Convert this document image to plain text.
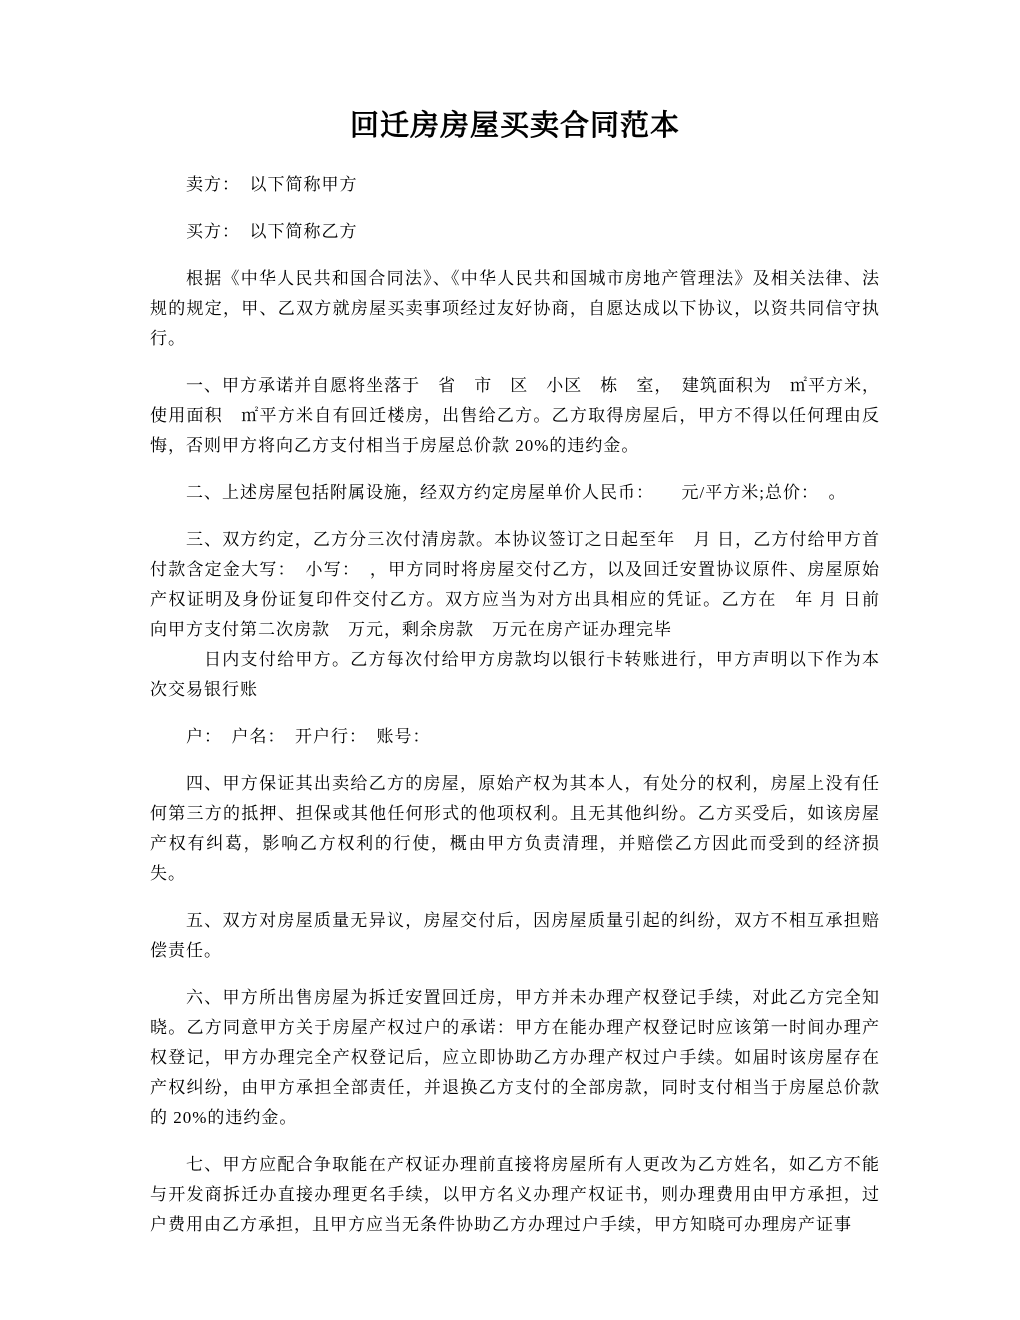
回迁房房屋买卖合同范本

卖方：　以下简称甲方

买方：　以下简称乙方

根据《中华人民共和国合同法》、《中华人民共和国城市房地产管理法》及相关法律、法规的规定，甲、乙双方就房屋买卖事项经过友好协商，自愿达成以下协议，以资共同信守执行。

一、甲方承诺并自愿将坐落于　省　市　区　小区　栋　室，　建筑面积为　㎡平方米，使用面积　㎡平方米自有回迁楼房，出售给乙方。乙方取得房屋后，甲方不得以任何理由反悔，否则甲方将向乙方支付相当于房屋总价款 20%的违约金。

二、上述房屋包括附属设施，经双方约定房屋单价人民币：　　元/平方米;总价：　。

三、双方约定，乙方分三次付清房款。本协议签订之日起至年　月 日，乙方付给甲方首付款含定金大写：　小写：　，甲方同时将房屋交付乙方，以及回迁安置协议原件、房屋原始产权证明及身份证复印件交付乙方。双方应当为对方出具相应的凭证。乙方在　年 月 日前向甲方支付第二次房款　万元，剩余房款　万元在房产证办理完毕

日内支付给甲方。乙方每次付给甲方房款均以银行卡转账进行，甲方声明以下作为本次交易银行账

户：　户名：　开户行：　账号：

四、甲方保证其出卖给乙方的房屋，原始产权为其本人，有处分的权利，房屋上没有任何第三方的抵押、担保或其他任何形式的他项权利。且无其他纠纷。乙方买受后，如该房屋产权有纠葛，影响乙方权利的行使，概由甲方负责清理，并赔偿乙方因此而受到的经济损失。

五、双方对房屋质量无异议，房屋交付后，因房屋质量引起的纠纷，双方不相互承担赔偿责任。

六、甲方所出售房屋为拆迁安置回迁房，甲方并未办理产权登记手续，对此乙方完全知晓。乙方同意甲方关于房屋产权过户的承诺：甲方在能办理产权登记时应该第一时间办理产权登记，甲方办理完全产权登记后，应立即协助乙方办理产权过户手续。如届时该房屋存在产权纠纷，由甲方承担全部责任，并退换乙方支付的全部房款，同时支付相当于房屋总价款的 20%的违约金。

七、甲方应配合争取能在产权证办理前直接将房屋所有人更改为乙方姓名，如乙方不能与开发商拆迁办直接办理更名手续，以甲方名义办理产权证书，则办理费用由甲方承担，过户费用由乙方承担，且甲方应当无条件协助乙方办理过户手续，甲方知晓可办理房产证事
